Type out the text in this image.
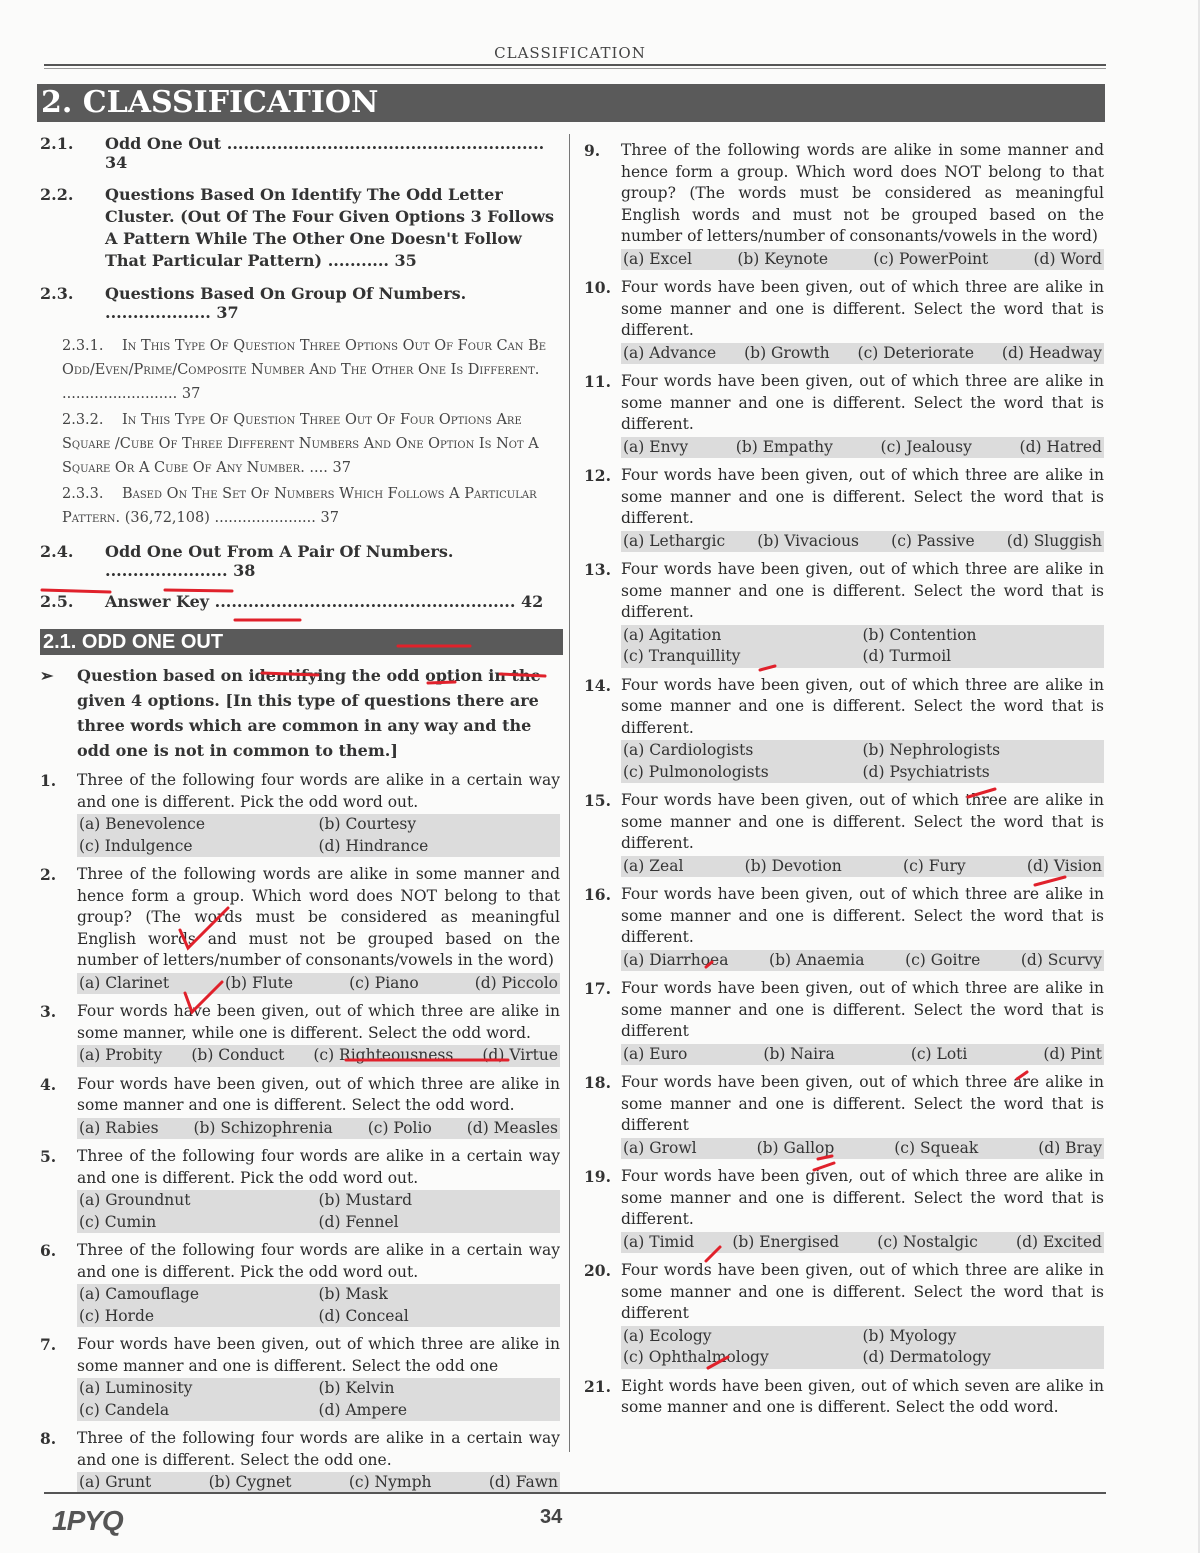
CLASSIFICATION
2. CLASSIFICATION
2.1.	Odd One Out ......................................................... 34
2.2.	Questions Based On Identify The Odd Letter Cluster. (Out Of The Four Given Options 3 Follows A Pattern While The Other One Doesn't Follow That Particular Pattern) ........... 35
2.3.	Questions Based On Group Of Numbers. ................... 37
2.3.1. In This Type Of Question Three Options Out Of Four Can Be Odd/Even/Prime/Composite Number And The Other One Is Different. ......................... 37
2.3.2. In This Type Of Question Three Out Of Four Options Are Square /Cube Of Three Different Numbers And One Option Is Not A Square Or A Cube Of Any Number. .... 37
2.3.3. Based On The Set Of Numbers Which Follows A Particular Pattern. (36,72,108) ...................... 37
2.4.	Odd One Out From A Pair Of Numbers. ...................... 38
2.5.	Answer Key ...................................................... 42
2.1. ODD ONE OUT
➢	Question based on identifying the odd option in the given 4 options. [In this type of questions there are three words which are common in any way and the odd one is not in common to them.]
1.	Three of the following four words are alike in a certain way and one is different. Pick the odd word out.
(a) Benevolence	(b) Courtesy
(c) Indulgence	(d) Hindrance
2.	Three of the following words are alike in some manner and hence form a group. Which word does NOT belong to that group? (The words must be considered as meaningful English words and must not be grouped based on the number of letters/number of consonants/vowels in the word)
(a) Clarinet	(b) Flute	(c) Piano	(d) Piccolo
3.	Four words have been given, out of which three are alike in some manner, while one is different. Select the odd word.
(a) Probity (b) Conduct (c) Righteousness (d) Virtue
4.	Four words have been given, out of which three are alike in some manner and one is different. Select the odd word.
(a) Rabies (b) Schizophrenia (c) Polio (d) Measles
5.	Three of the following four words are alike in a certain way and one is different. Pick the odd word out.
(a) Groundnut	(b) Mustard
(c) Cumin	(d) Fennel
6.	Three of the following four words are alike in a certain way and one is different. Pick the odd word out.
(a) Camouflage	(b) Mask
(c) Horde	(d) Conceal
7.	Four words have been given, out of which three are alike in some manner and one is different. Select the odd one
(a) Luminosity	(b) Kelvin
(c) Candela	(d) Ampere
8.	Three of the following four words are alike in a certain way and one is different. Select the odd one.
(a) Grunt	(b) Cygnet	(c) Nymph	(d) Fawn
9.	Three of the following words are alike in some manner and hence form a group. Which word does NOT belong to that group? (The words must be considered as meaningful English words and must not be grouped based on the number of letters/number of consonants/vowels in the word)
(a) Excel	(b) Keynote	(c) PowerPoint	(d) Word
10. Four words have been given, out of which three are alike in some manner and one is different. Select the word that is different.
(a) Advance (b) Growth (c) Deteriorate (d) Headway
11. Four words have been given, out of which three are alike in some manner and one is different. Select the word that is different.
(a) Envy	(b) Empathy	(c) Jealousy	(d) Hatred
12. Four words have been given, out of which three are alike in some manner and one is different. Select the word that is different.
(a) Lethargic (b) Vivacious (c) Passive (d) Sluggish
13. Four words have been given, out of which three are alike in some manner and one is different. Select the word that is different.
(a) Agitation	(b) Contention
(c) Tranquillity	(d) Turmoil
14. Four words have been given, out of which three are alike in some manner and one is different. Select the word that is different.
(a) Cardiologists	(b) Nephrologists
(c) Pulmonologists	(d) Psychiatrists
15. Four words have been given, out of which three are alike in some manner and one is different. Select the word that is different.
(a) Zeal	(b) Devotion	(c) Fury	(d) Vision
16. Four words have been given, out of which three are alike in some manner and one is different. Select the word that is different.
(a) Diarrhoea	(b) Anaemia	(c) Goitre	(d) Scurvy
17. Four words have been given, out of which three are alike in some manner and one is different. Select the word that is different
(a) Euro	(b) Naira	(c) Loti	(d) Pint
18. Four words have been given, out of which three are alike in some manner and one is different. Select the word that is different
(a) Growl	(b) Gallop	(c) Squeak	(d) Bray
19. Four words have been given, out of which three are alike in some manner and one is different. Select the word that is different.
(a) Timid (b) Energised (c) Nostalgic (d) Excited
20. Four words have been given, out of which three are alike in some manner and one is different. Select the word that is different
(a) Ecology	(b) Myology
(c) Ophthalmology	(d) Dermatology
21. Eight words have been given, out of which seven are alike in some manner and one is different. Select the odd word.
1PYQ	34
